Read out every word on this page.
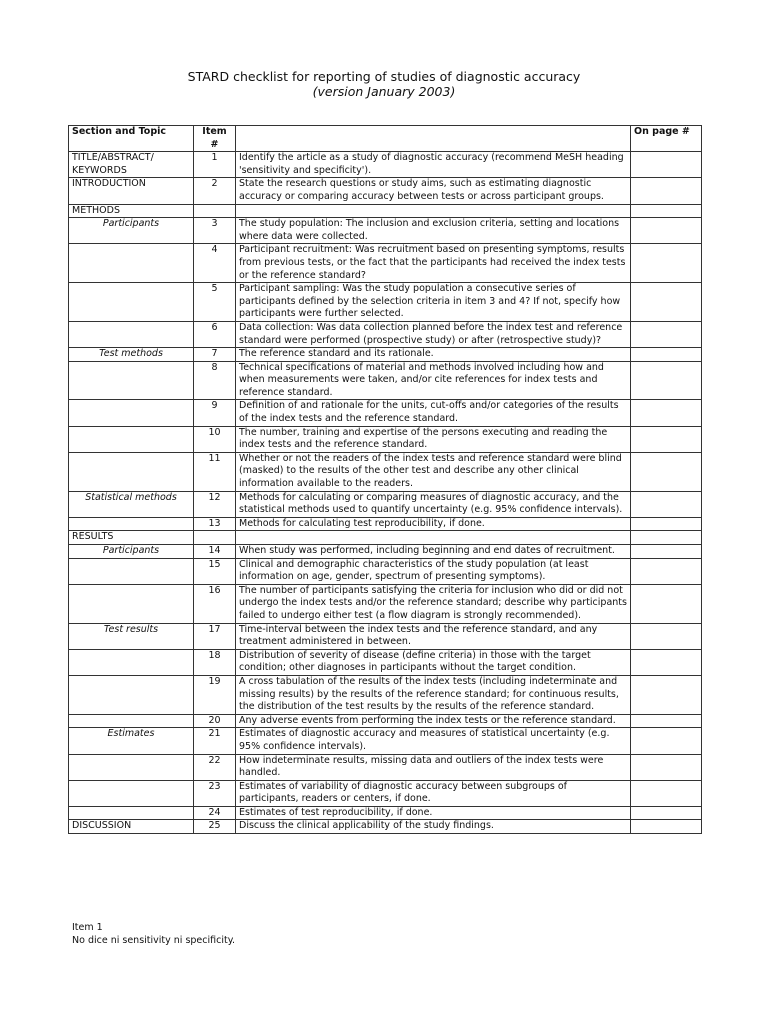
STARD checklist for reporting of studies of diagnostic accuracy
(version January 2003)
Section and Topic	Item #		On page #
TITLE/ABSTRACT/ KEYWORDS	1	Identify the article as a study of diagnostic accuracy (recommend MeSH heading 'sensitivity and specificity').	
INTRODUCTION	2	State the research questions or study aims, such as estimating diagnostic accuracy or comparing accuracy between tests or across participant groups.	
METHODS			
Participants	3	The study population: The inclusion and exclusion criteria, setting and locations where data were collected.	
	4	Participant recruitment: Was recruitment based on presenting symptoms, results from previous tests, or the fact that the participants had received the index tests or the reference standard?	
	5	Participant sampling: Was the study population a consecutive series of participants defined by the selection criteria in item 3 and 4? If not, specify how participants were further selected.	
	6	Data collection: Was data collection planned before the index test and reference standard were performed (prospective study) or after (retrospective study)?	
Test methods	7	The reference standard and its rationale.	
	8	Technical specifications of material and methods involved including how and when measurements were taken, and/or cite references for index tests and reference standard.	
	9	Definition of and rationale for the units, cut-offs and/or categories of the results of the index tests and the reference standard.	
	10	The number, training and expertise of the persons executing and reading the index tests and the reference standard.	
	11	Whether or not the readers of the index tests and reference standard were blind (masked) to the results of the other test and describe any other clinical information available to the readers.	
Statistical methods	12	Methods for calculating or comparing measures of diagnostic accuracy, and the statistical methods used to quantify uncertainty (e.g. 95% confidence intervals).	
	13	Methods for calculating test reproducibility, if done.	
RESULTS			
Participants	14	When study was performed, including beginning and end dates of recruitment.	
	15	Clinical and demographic characteristics of the study population (at least information on age, gender, spectrum of presenting symptoms).	
	16	The number of participants satisfying the criteria for inclusion who did or did not undergo the index tests and/or the reference standard; describe why participants failed to undergo either test (a flow diagram is strongly recommended).	
Test results	17	Time-interval between the index tests and the reference standard, and any treatment administered in between.	
	18	Distribution of severity of disease (define criteria) in those with the target condition; other diagnoses in participants without the target condition.	
	19	A cross tabulation of the results of the index tests (including indeterminate and missing results) by the results of the reference standard; for continuous results, the distribution of the test results by the results of the reference standard.	
	20	Any adverse events from performing the index tests or the reference standard.	
Estimates	21	Estimates of diagnostic accuracy and measures of statistical uncertainty (e.g. 95% confidence intervals).	
	22	How indeterminate results, missing data and outliers of the index tests were handled.	
	23	Estimates of variability of diagnostic accuracy between subgroups of participants, readers or centers, if done.	
	24	Estimates of test reproducibility, if done.	
DISCUSSION	25	Discuss the clinical applicability of the study findings.	
Item 1
No dice ni sensitivity ni specificity.
